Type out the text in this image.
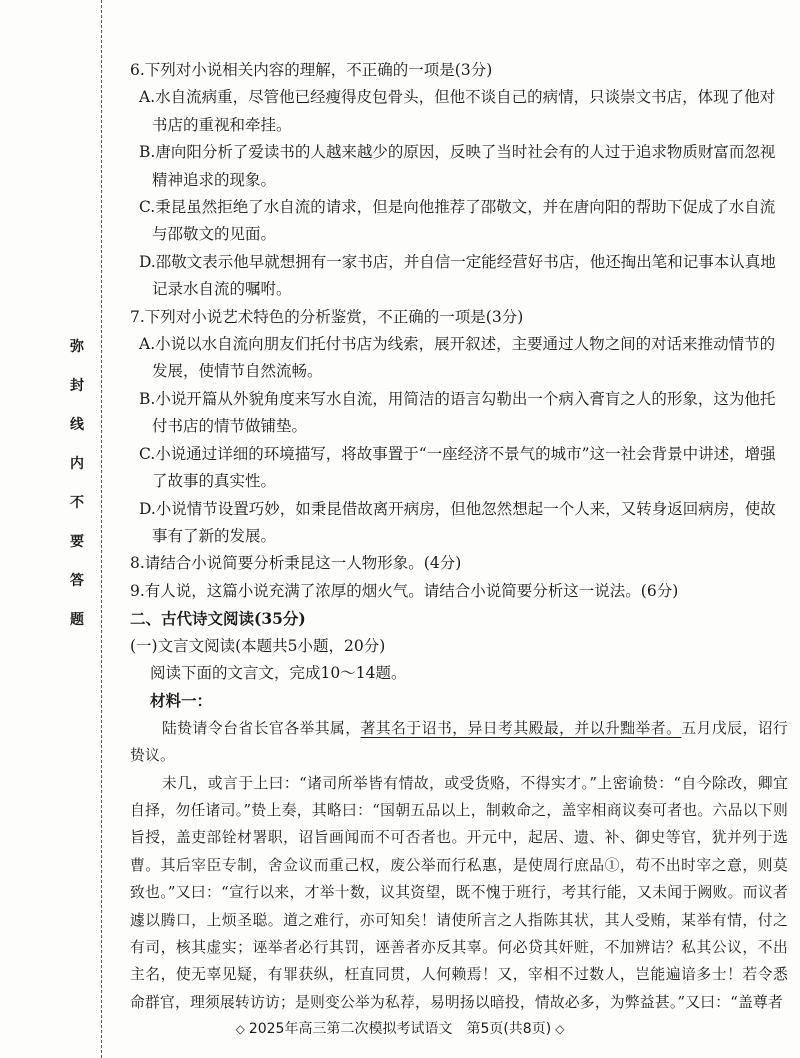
弥
封
线
内
不
要
答
题

6.下列对小说相关内容的理解，不正确的一项是(3分)

A.水自流病重，尽管他已经瘦得皮包骨头，但他不谈自己的病情，只谈崇文书店，体现了他对书店的重视和牵挂。

B.唐向阳分析了爱读书的人越来越少的原因，反映了当时社会有的人过于追求物质财富而忽视精神追求的现象。

C.秉昆虽然拒绝了水自流的请求，但是向他推荐了邵敬文，并在唐向阳的帮助下促成了水自流与邵敬文的见面。

D.邵敬文表示他早就想拥有一家书店，并自信一定能经营好书店，他还掏出笔和记事本认真地记录水自流的嘱咐。

7.下列对小说艺术特色的分析鉴赏，不正确的一项是(3分)

A.小说以水自流向朋友们托付书店为线索，展开叙述，主要通过人物之间的对话来推动情节的发展，使情节自然流畅。

B.小说开篇从外貌角度来写水自流，用简洁的语言勾勒出一个病入膏肓之人的形象，这为他托付书店的情节做铺垫。

C.小说通过详细的环境描写，将故事置于“一座经济不景气的城市”这一社会背景中讲述，增强了故事的真实性。

D.小说情节设置巧妙，如秉昆借故离开病房，但他忽然想起一个人来，又转身返回病房，使故事有了新的发展。

8.请结合小说简要分析秉昆这一人物形象。(4分)

9.有人说，这篇小说充满了浓厚的烟火气。请结合小说简要分析这一说法。(6分)

二、古代诗文阅读(35分)

(一)文言文阅读(本题共5小题，20分)

阅读下面的文言文，完成10～14题。

材料一：

陆贽请令台省长官各举其属，著其名于诏书，异日考其殿最，并以升黜举者。五月戊辰，诏行贽议。

未几，或言于上曰：“诸司所举皆有情故，或受货赂，不得实才。”上密谕贽：“自今除改，卿宜自择，勿任诸司。”贽上奏，其略曰：“国朝五品以上，制敕命之，盖宰相商议奏可者也。六品以下则旨授，盖吏部铨材署职，诏旨画闻而不可否者也。开元中，起居、遗、补、御史等官，犹并列于选曹。其后宰臣专制，舍佥议而重己权，废公举而行私惠，是使周行庶品①，苟不出时宰之意，则莫致也。”又曰：“宣行以来，才举十数，议其资望，既不愧于班行，考其行能，又未闻于阙败。而议者遽以腾口，上烦圣聪。道之难行，亦可知矣！请使所言之人指陈其状，其人受贿，某举有情，付之有司，核其虚实；诬举者必行其罚，诬善者亦反其辜。何必贷其奸赃，不加辨诘？私其公议，不出主名，使无辜见疑，有罪获纵，枉直同贯，人何赖焉！又，宰相不过数人，岂能遍谙多士！若令悉命群官，理须展转访访；是则变公举为私荐，易明扬以暗投，情故必多，为弊益甚。”又曰：“盖尊者

◇ 2025年高三第二次模拟考试语文　第5页(共8页) ◇
